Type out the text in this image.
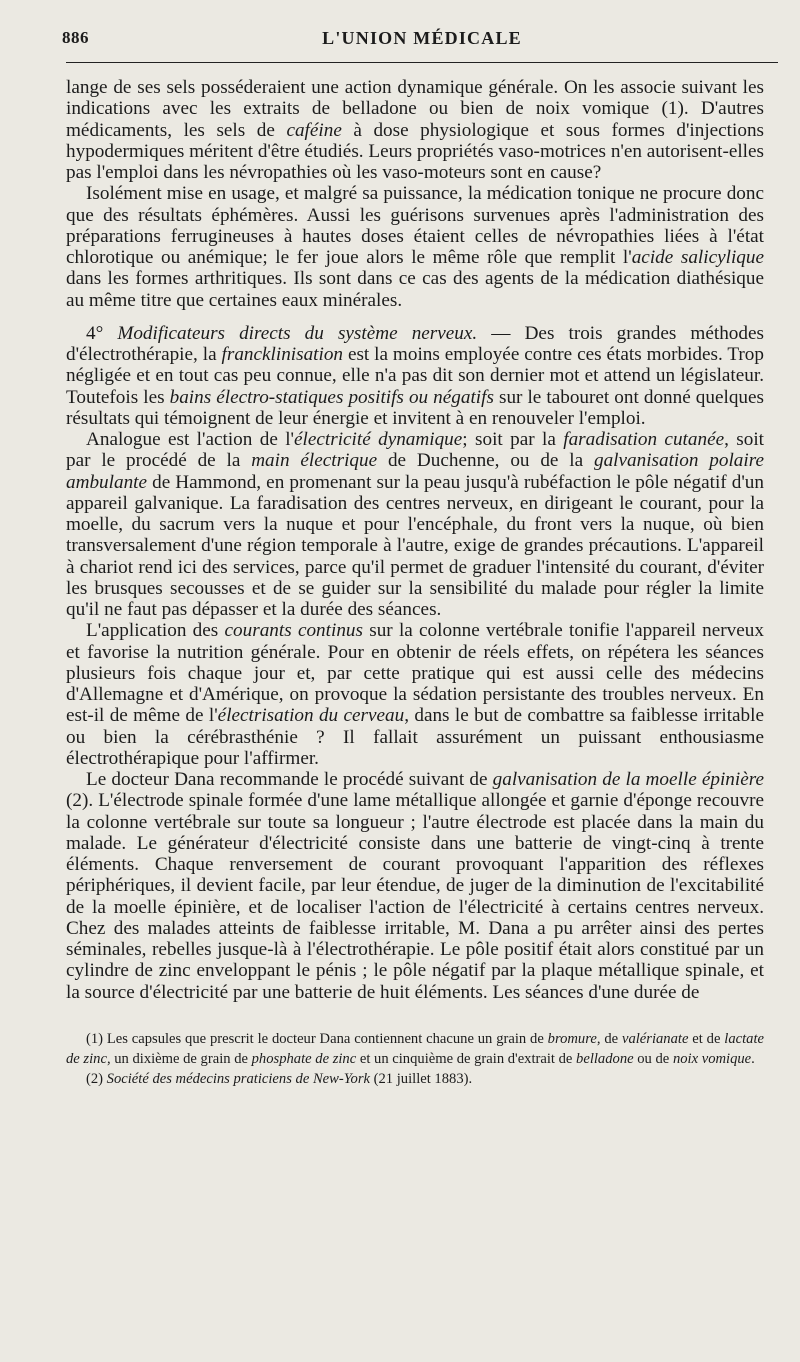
886	L'UNION MÉDICALE

lange de ses sels posséderaient une action dynamique générale. On les associe suivant les indications avec les extraits de belladone ou bien de noix vomique (1). D'autres médicaments, les sels de caféine à dose physiologique et sous formes d'injections hypodermiques méritent d'être étudiés. Leurs propriétés vaso-motrices n'en autorisent-elles pas l'emploi dans les névropathies où les vaso-moteurs sont en cause?

Isolément mise en usage, et malgré sa puissance, la médication tonique ne procure donc que des résultats éphémères. Aussi les guérisons survenues après l'administration des préparations ferrugineuses à hautes doses étaient celles de névropathies liées à l'état chlorotique ou anémique; le fer joue alors le même rôle que remplit l'acide salicylique dans les formes arthritiques. Ils sont dans ce cas des agents de la médication diathésique au même titre que certaines eaux minérales.

4° Modificateurs directs du système nerveux. — Des trois grandes méthodes d'électrothérapie, la francklinisation est la moins employée contre ces états morbides. Trop négligée et en tout cas peu connue, elle n'a pas dit son dernier mot et attend un législateur. Toutefois les bains électro-statiques positifs ou négatifs sur le tabouret ont donné quelques résultats qui témoignent de leur énergie et invitent à en renouveler l'emploi.

Analogue est l'action de l'électricité dynamique; soit par la faradisation cutanée, soit par le procédé de la main électrique de Duchenne, ou de la galvanisation polaire ambulante de Hammond, en promenant sur la peau jusqu'à rubéfaction le pôle négatif d'un appareil galvanique. La faradisation des centres nerveux, en dirigeant le courant, pour la moelle, du sacrum vers la nuque et pour l'encéphale, du front vers la nuque, où bien transversalement d'une région temporale à l'autre, exige de grandes précautions. L'appareil à chariot rend ici des services, parce qu'il permet de graduer l'intensité du courant, d'éviter les brusques secousses et de se guider sur la sensibilité du malade pour régler la limite qu'il ne faut pas dépasser et la durée des séances.

L'application des courants continus sur la colonne vertébrale tonifie l'appareil nerveux et favorise la nutrition générale. Pour en obtenir de réels effets, on répétera les séances plusieurs fois chaque jour et, par cette pratique qui est aussi celle des médecins d'Allemagne et d'Amérique, on provoque la sédation persistante des troubles nerveux. En est-il de même de l'électrisation du cerveau, dans le but de combattre sa faiblesse irritable ou bien la cérébrasthénie ? Il fallait assurément un puissant enthousiasme électrothérapique pour l'affirmer.

Le docteur Dana recommande le procédé suivant de galvanisation de la moelle épinière (2). L'électrode spinale formée d'une lame métallique allongée et garnie d'éponge recouvre la colonne vertébrale sur toute sa longueur ; l'autre électrode est placée dans la main du malade. Le générateur d'électricité consiste dans une batterie de vingt-cinq à trente éléments. Chaque renversement de courant provoquant l'apparition des réflexes périphériques, il devient facile, par leur étendue, de juger de la diminution de l'excitabilité de la moelle épinière, et de localiser l'action de l'électricité à certains centres nerveux. Chez des malades atteints de faiblesse irritable, M. Dana a pu arrêter ainsi des pertes séminales, rebelles jusque-là à l'électrothérapie. Le pôle positif était alors constitué par un cylindre de zinc enveloppant le pénis ; le pôle négatif par la plaque métallique spinale, et la source d'électricité par une batterie de huit éléments. Les séances d'une durée de

(1) Les capsules que prescrit le docteur Dana contiennent chacune un grain de bromure, de valérianate et de lactate de zinc, un dixième de grain de phosphate de zinc et un cinquième de grain d'extrait de belladone ou de noix vomique.

(2) Société des médecins praticiens de New-York (21 juillet 1883).
